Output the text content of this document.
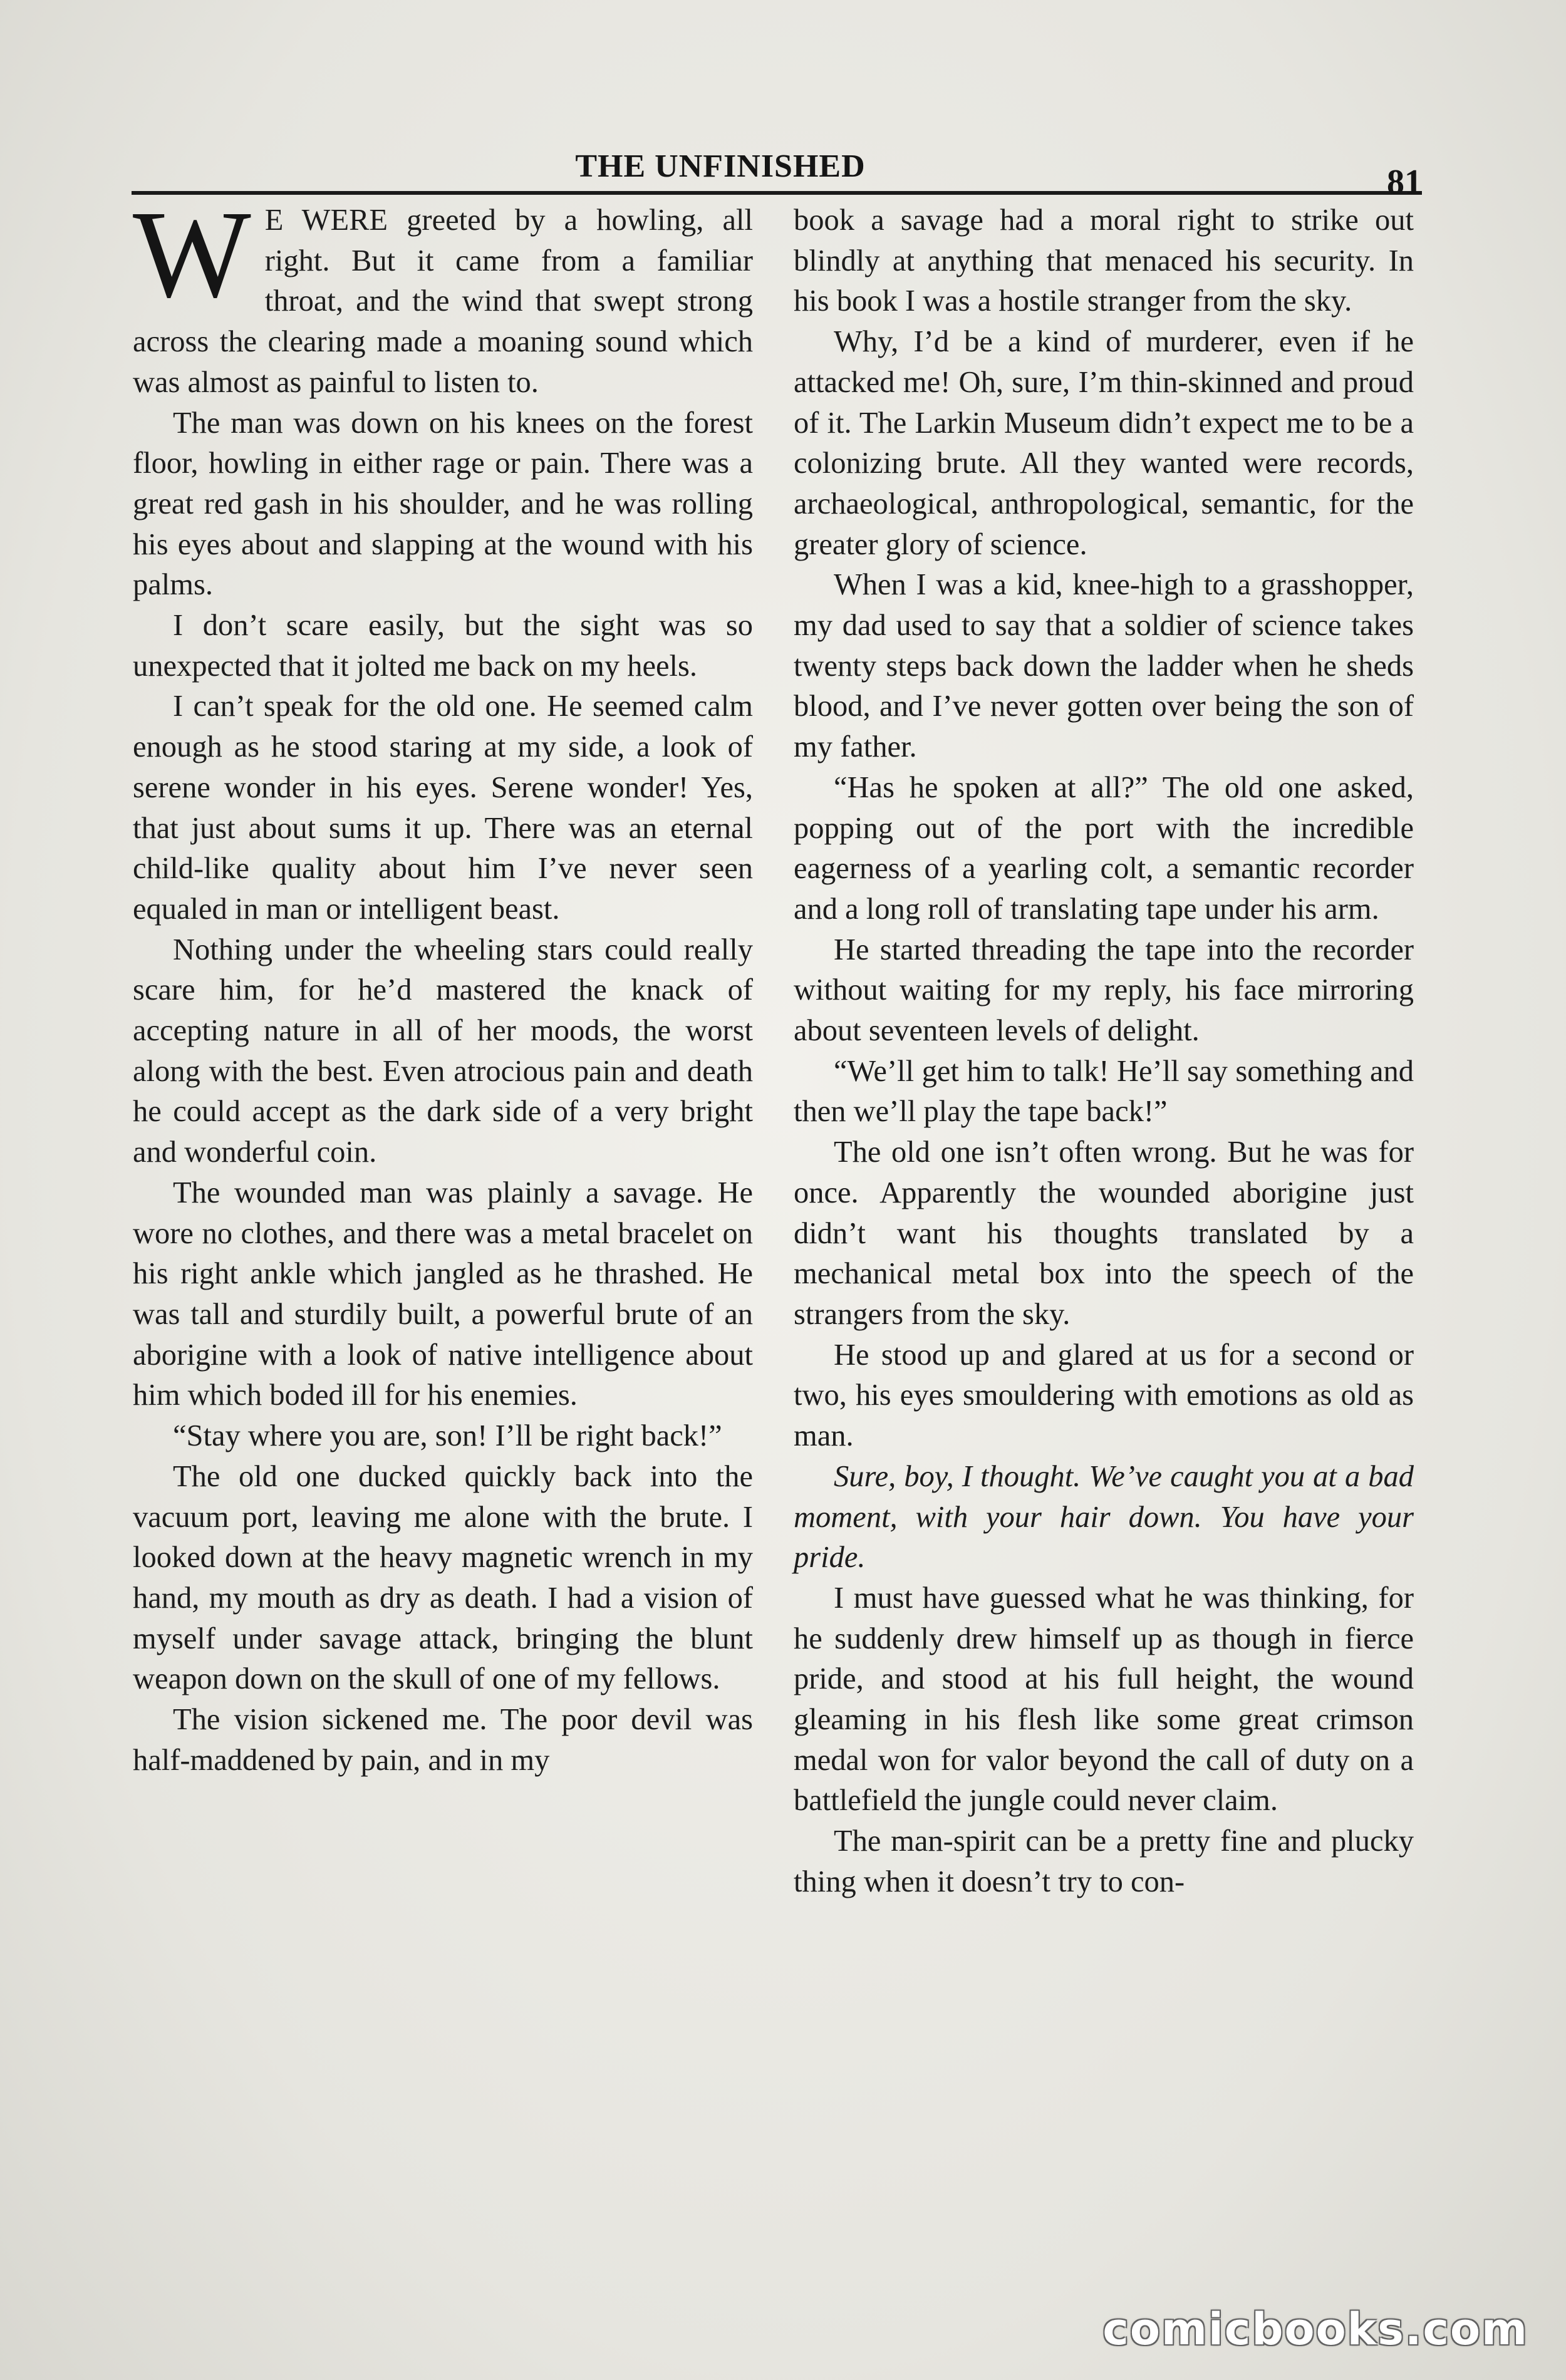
THE UNFINISHED	81

W E WERE greeted by a howling, all right. But it came from a familiar throat, and the wind that swept strong across the clearing made a moaning sound which was almost as painful to listen to.

The man was down on his knees on the forest floor, howling in either rage or pain. There was a great red gash in his shoulder, and he was rolling his eyes about and slapping at the wound with his palms.

I don’t scare easily, but the sight was so unexpected that it jolted me back on my heels.

I can’t speak for the old one. He seemed calm enough as he stood staring at my side, a look of serene wonder in his eyes. Serene wonder! Yes, that just about sums it up. There was an eternal child-like quality about him I’ve never seen equaled in man or intelligent beast.

Nothing under the wheeling stars could really scare him, for he’d mastered the knack of accepting nature in all of her moods, the worst along with the best. Even atrocious pain and death he could accept as the dark side of a very bright and wonderful coin.

The wounded man was plainly a savage. He wore no clothes, and there was a metal bracelet on his right ankle which jangled as he thrashed. He was tall and sturdily built, a powerful brute of an aborigine with a look of native intelligence about him which boded ill for his enemies.

“Stay where you are, son! I’ll be right back!”

The old one ducked quickly back into the vacuum port, leaving me alone with the brute. I looked down at the heavy magnetic wrench in my hand, my mouth as dry as death. I had a vision of myself under savage attack, bringing the blunt weapon down on the skull of one of my fellows.

The vision sickened me. The poor devil was half-maddened by pain, and in my

book a savage had a moral right to strike out blindly at anything that menaced his security. In his book I was a hostile stranger from the sky.

Why, I’d be a kind of murderer, even if he attacked me! Oh, sure, I’m thin-skinned and proud of it. The Larkin Museum didn’t expect me to be a colonizing brute. All they wanted were records, archaeological, anthropological, semantic, for the greater glory of science.

When I was a kid, knee-high to a grasshopper, my dad used to say that a soldier of science takes twenty steps back down the ladder when he sheds blood, and I’ve never gotten over being the son of my father.

“Has he spoken at all?” The old one asked, popping out of the port with the incredible eagerness of a yearling colt, a semantic recorder and a long roll of translating tape under his arm.

He started threading the tape into the recorder without waiting for my reply, his face mirroring about seventeen levels of delight.

“We’ll get him to talk! He’ll say something and then we’ll play the tape back!”

The old one isn’t often wrong. But he was for once. Apparently the wounded aborigine just didn’t want his thoughts translated by a mechanical metal box into the speech of the strangers from the sky.

He stood up and glared at us for a second or two, his eyes smouldering with emotions as old as man.

Sure, boy, I thought. We’ve caught you at a bad moment, with your hair down. You have your pride.

I must have guessed what he was thinking, for he suddenly drew himself up as though in fierce pride, and stood at his full height, the wound gleaming in his flesh like some great crimson medal won for valor beyond the call of duty on a battlefield the jungle could never claim.

The man-spirit can be a pretty fine and plucky thing when it doesn’t try to con-

comicbooks.com
